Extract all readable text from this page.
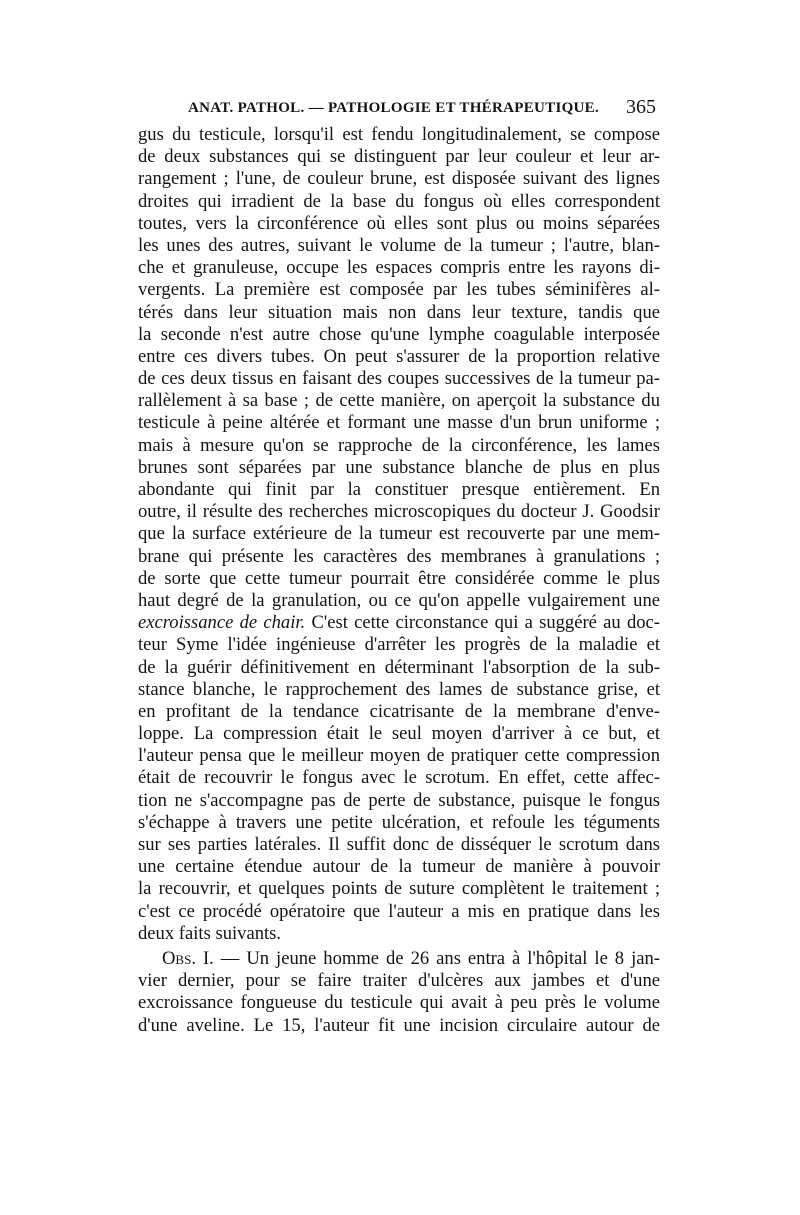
ANAT. PATHOL. — PATHOLOGIE ET THÉRAPEUTIQUE. 365
gus du testicule, lorsqu'il est fendu longitudinalement, se compose
de deux substances qui se distinguent par leur couleur et leur ar-
rangement ; l'une, de couleur brune, est disposée suivant des lignes
droites qui irradient de la base du fongus où elles correspondent
toutes, vers la circonférence où elles sont plus ou moins séparées
les unes des autres, suivant le volume de la tumeur ; l'autre, blan-
che et granuleuse, occupe les espaces compris entre les rayons di-
vergents. La première est composée par les tubes séminifères al-
térés dans leur situation mais non dans leur texture, tandis que
la seconde n'est autre chose qu'une lymphe coagulable interposée
entre ces divers tubes. On peut s'assurer de la proportion relative
de ces deux tissus en faisant des coupes successives de la tumeur pa-
rallèlement à sa base ; de cette manière, on aperçoit la substance du
testicule à peine altérée et formant une masse d'un brun uniforme ;
mais à mesure qu'on se rapproche de la circonférence, les lames
brunes sont séparées par une substance blanche de plus en plus
abondante qui finit par la constituer presque entièrement. En
outre, il résulte des recherches microscopiques du docteur J. Goodsir
que la surface extérieure de la tumeur est recouverte par une mem-
brane qui présente les caractères des membranes à granulations ;
de sorte que cette tumeur pourrait être considérée comme le plus
haut degré de la granulation, ou ce qu'on appelle vulgairement une
excroissance de chair. C'est cette circonstance qui a suggéré au doc-
teur Syme l'idée ingénieuse d'arrêter les progrès de la maladie et
de la guérir définitivement en déterminant l'absorption de la sub-
stance blanche, le rapprochement des lames de substance grise, et
en profitant de la tendance cicatrisante de la membrane d'enve-
loppe. La compression était le seul moyen d'arriver à ce but, et
l'auteur pensa que le meilleur moyen de pratiquer cette compression
était de recouvrir le fongus avec le scrotum. En effet, cette affec-
tion ne s'accompagne pas de perte de substance, puisque le fongus
s'échappe à travers une petite ulcération, et refoule les téguments
sur ses parties latérales. Il suffit donc de disséquer le scrotum dans
une certaine étendue autour de la tumeur de manière à pouvoir
la recouvrir, et quelques points de suture complètent le traitement ;
c'est ce procédé opératoire que l'auteur a mis en pratique dans les
deux faits suivants.
Obs. I. — Un jeune homme de 26 ans entra à l'hôpital le 8 jan-
vier dernier, pour se faire traiter d'ulcères aux jambes et d'une
excroissance fongueuse du testicule qui avait à peu près le volume
d'une aveline. Le 15, l'auteur fit une incision circulaire autour de
